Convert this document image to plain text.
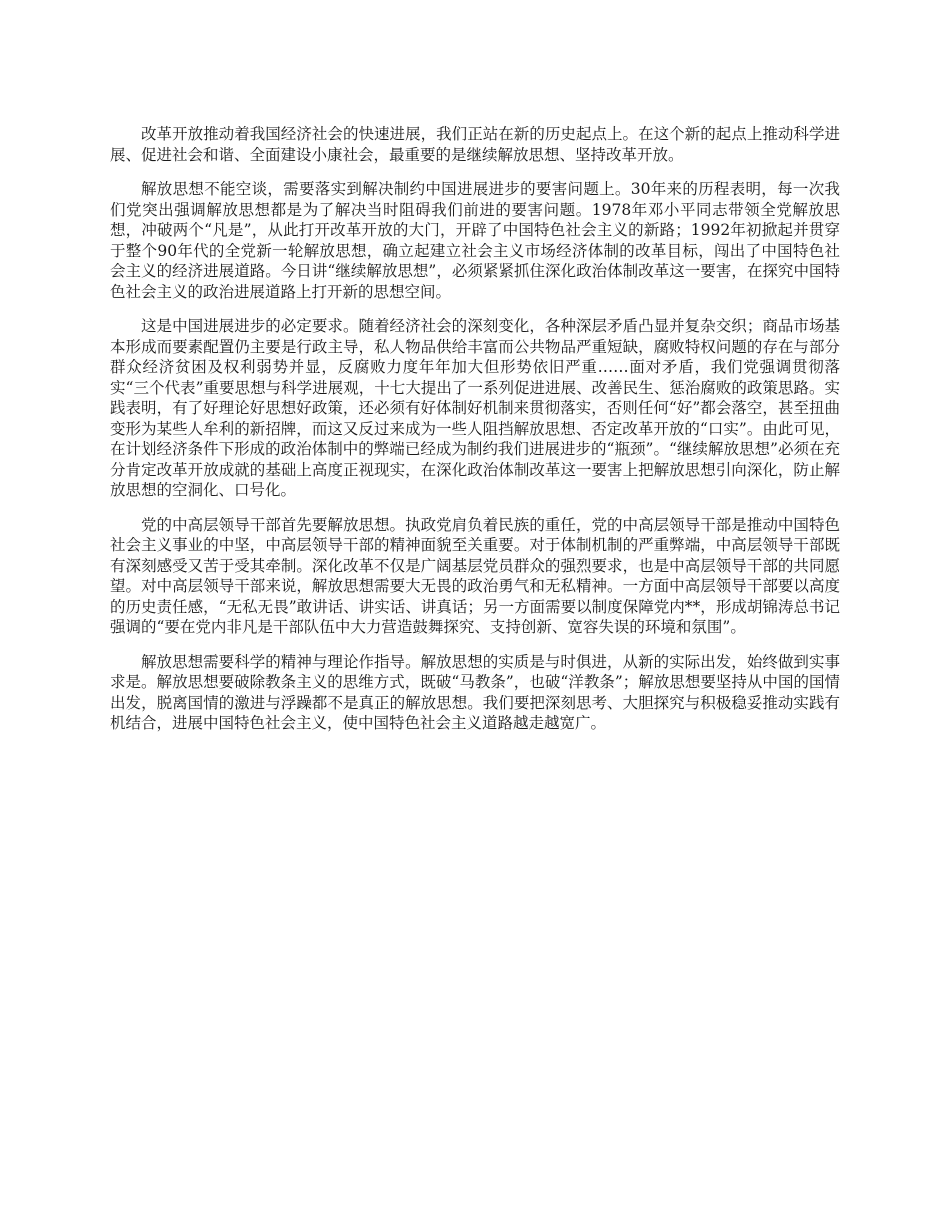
改革开放推动着我国经济社会的快速进展，我们正站在新的历史起点上。在这个新的起点上推动科学进展、促进社会和谐、全面建设小康社会，最重要的是继续解放思想、坚持改革开放。

解放思想不能空谈，需要落实到解决制约中国进展进步的要害问题上。30年来的历程表明，每一次我们党突出强调解放思想都是为了解决当时阻碍我们前进的要害问题。1978年邓小平同志带领全党解放思想，冲破两个“凡是”，从此打开改革开放的大门，开辟了中国特色社会主义的新路；1992年初掀起并贯穿于整个90年代的全党新一轮解放思想，确立起建立社会主义市场经济体制的改革目标，闯出了中国特色社会主义的经济进展道路。今日讲“继续解放思想”，必须紧紧抓住深化政治体制改革这一要害，在探究中国特色社会主义的政治进展道路上打开新的思想空间。

这是中国进展进步的必定要求。随着经济社会的深刻变化，各种深层矛盾凸显并复杂交织；商品市场基本形成而要素配置仍主要是行政主导，私人物品供给丰富而公共物品严重短缺，腐败特权问题的存在与部分群众经济贫困及权利弱势并显，反腐败力度年年加大但形势依旧严重……面对矛盾，我们党强调贯彻落实“三个代表”重要思想与科学进展观，十七大提出了一系列促进进展、改善民生、惩治腐败的政策思路。实践表明，有了好理论好思想好政策，还必须有好体制好机制来贯彻落实，否则任何“好”都会落空，甚至扭曲变形为某些人牟利的新招牌，而这又反过来成为一些人阻挡解放思想、否定改革开放的“口实”。由此可见，在计划经济条件下形成的政治体制中的弊端已经成为制约我们进展进步的“瓶颈”。“继续解放思想”必须在充分肯定改革开放成就的基础上高度正视现实，在深化政治体制改革这一要害上把解放思想引向深化，防止解放思想的空洞化、口号化。

党的中高层领导干部首先要解放思想。执政党肩负着民族的重任，党的中高层领导干部是推动中国特色社会主义事业的中坚，中高层领导干部的精神面貌至关重要。对于体制机制的严重弊端，中高层领导干部既有深刻感受又苦于受其牵制。深化改革不仅是广阔基层党员群众的强烈要求，也是中高层领导干部的共同愿望。对中高层领导干部来说，解放思想需要大无畏的政治勇气和无私精神。一方面中高层领导干部要以高度的历史责任感，“无私无畏”敢讲话、讲实话、讲真话；另一方面需要以制度保障党内**，形成胡锦涛总书记强调的“要在党内非凡是干部队伍中大力营造鼓舞探究、支持创新、宽容失误的环境和氛围”。

解放思想需要科学的精神与理论作指导。解放思想的实质是与时俱进，从新的实际出发，始终做到实事求是。解放思想要破除教条主义的思维方式，既破“马教条”，也破“洋教条”；解放思想要坚持从中国的国情出发，脱离国情的激进与浮躁都不是真正的解放思想。我们要把深刻思考、大胆探究与积极稳妥推动实践有机结合，进展中国特色社会主义，使中国特色社会主义道路越走越宽广。
